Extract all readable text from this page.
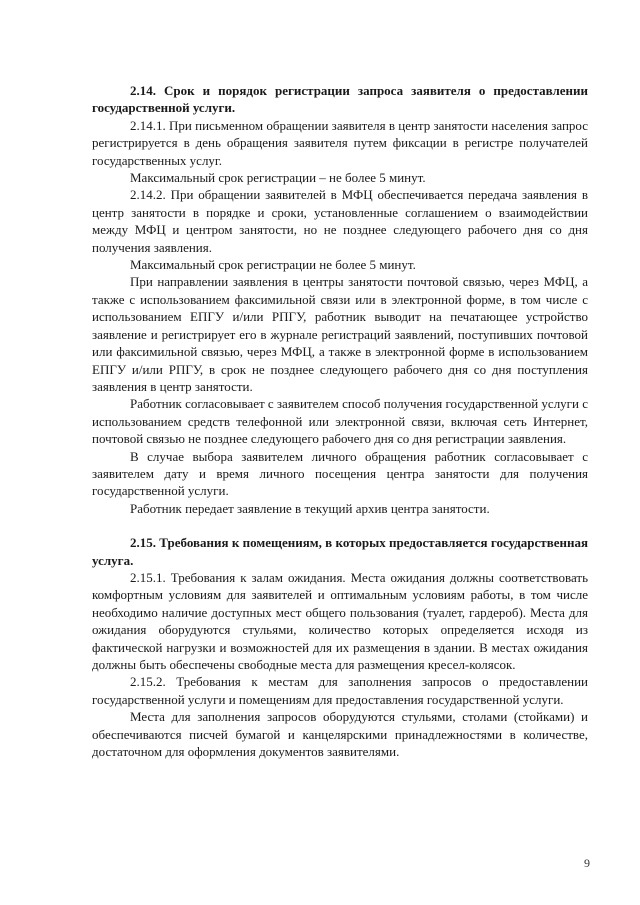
2.14. Срок и порядок регистрации запроса заявителя о предоставлении государственной услуги.

2.14.1. При письменном обращении заявителя в центр занятости населения запрос регистрируется в день обращения заявителя путем фиксации в регистре получателей государственных услуг.

Максимальный срок регистрации – не более 5 минут.

2.14.2. При обращении заявителей в МФЦ обеспечивается передача заявления в центр занятости в порядке и сроки, установленные соглашением о взаимодействии между МФЦ и центром занятости, но не позднее следующего рабочего дня со дня получения заявления.

Максимальный срок регистрации не более 5 минут.

При направлении заявления в центры занятости почтовой связью, через МФЦ, а также с использованием факсимильной связи или в электронной форме, в том числе с использованием ЕПГУ и/или РПГУ, работник выводит на печатающее устройство заявление и регистрирует его в журнале регистраций заявлений, поступивших почтовой или факсимильной связью, через МФЦ, а также в электронной форме в использованием ЕПГУ и/или РПГУ, в срок не позднее следующего рабочего дня со дня поступления заявления в центр занятости.

Работник согласовывает с заявителем способ получения государственной услуги с использованием средств телефонной или электронной связи, включая сеть Интернет, почтовой связью не позднее следующего рабочего дня со дня регистрации заявления.

В случае выбора заявителем личного обращения работник согласовывает с заявителем дату и время личного посещения центра занятости для получения государственной услуги.

Работник передает заявление в текущий архив центра занятости.

2.15. Требования к помещениям, в которых предоставляется государственная услуга.

2.15.1. Требования к залам ожидания. Места ожидания должны соответствовать комфортным условиям для заявителей и оптимальным условиям работы, в том числе необходимо наличие доступных мест общего пользования (туалет, гардероб). Места для ожидания оборудуются стульями, количество которых определяется исходя из фактической нагрузки и возможностей для их размещения в здании. В местах ожидания должны быть обеспечены свободные места для размещения кресел-колясок.

2.15.2. Требования к местам для заполнения запросов о предоставлении государственной услуги и помещениям для предоставления государственной услуги.

Места для заполнения запросов оборудуются стульями, столами (стойками) и обеспечиваются писчей бумагой и канцелярскими принадлежностями в количестве, достаточном для оформления документов заявителями.

9
